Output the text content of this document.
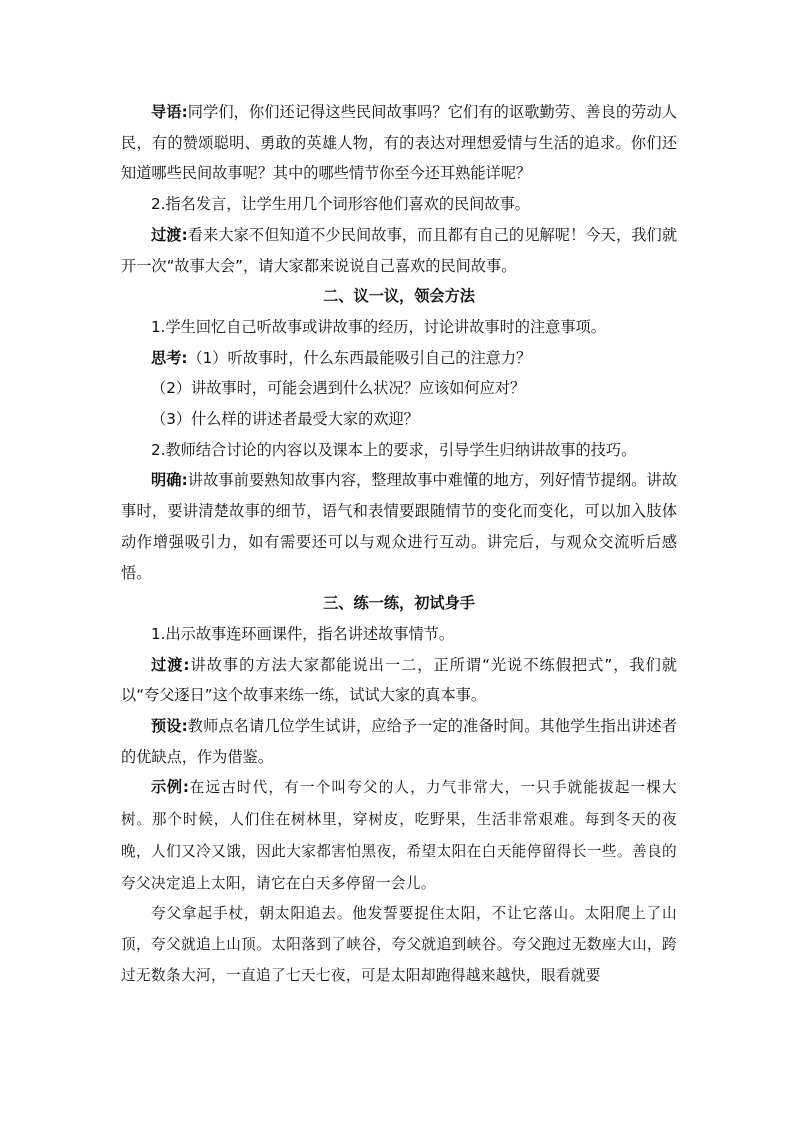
导语:同学们，你们还记得这些民间故事吗？它们有的讴歌勤劳、善良的劳动人民，有的赞颂聪明、勇敢的英雄人物，有的表达对理想爱情与生活的追求。你们还知道哪些民间故事呢？其中的哪些情节你至今还耳熟能详呢？

2.指名发言，让学生用几个词形容他们喜欢的民间故事。

过渡:看来大家不但知道不少民间故事，而且都有自己的见解呢！今天，我们就开一次“故事大会”，请大家都来说说自己喜欢的民间故事。

二、议一议，领会方法

1.学生回忆自己听故事或讲故事的经历，讨论讲故事时的注意事项。

思考:（1）听故事时，什么东西最能吸引自己的注意力？

（2）讲故事时，可能会遇到什么状况？应该如何应对？

（3）什么样的讲述者最受大家的欢迎？

2.教师结合讨论的内容以及课本上的要求，引导学生归纳讲故事的技巧。

明确:讲故事前要熟知故事内容，整理故事中难懂的地方，列好情节提纲。讲故事时，要讲清楚故事的细节，语气和表情要跟随情节的变化而变化，可以加入肢体动作增强吸引力，如有需要还可以与观众进行互动。讲完后，与观众交流听后感悟。

三、练一练，初试身手

1.出示故事连环画课件，指名讲述故事情节。

过渡:讲故事的方法大家都能说出一二，正所谓“光说不练假把式”，我们就以“夸父逐日”这个故事来练一练，试试大家的真本事。

预设:教师点名请几位学生试讲，应给予一定的准备时间。其他学生指出讲述者的优缺点，作为借鉴。

示例:在远古时代，有一个叫夸父的人，力气非常大，一只手就能拔起一棵大树。那个时候，人们住在树林里，穿树皮，吃野果，生活非常艰难。每到冬天的夜晚，人们又冷又饿，因此大家都害怕黑夜，希望太阳在白天能停留得长一些。善良的夸父决定追上太阳，请它在白天多停留一会儿。

夸父拿起手杖，朝太阳追去。他发誓要捉住太阳，不让它落山。太阳爬上了山顶，夸父就追上山顶。太阳落到了峡谷，夸父就追到峡谷。夸父跑过无数座大山，跨过无数条大河，一直追了七天七夜，可是太阳却跑得越来越快，眼看就要
